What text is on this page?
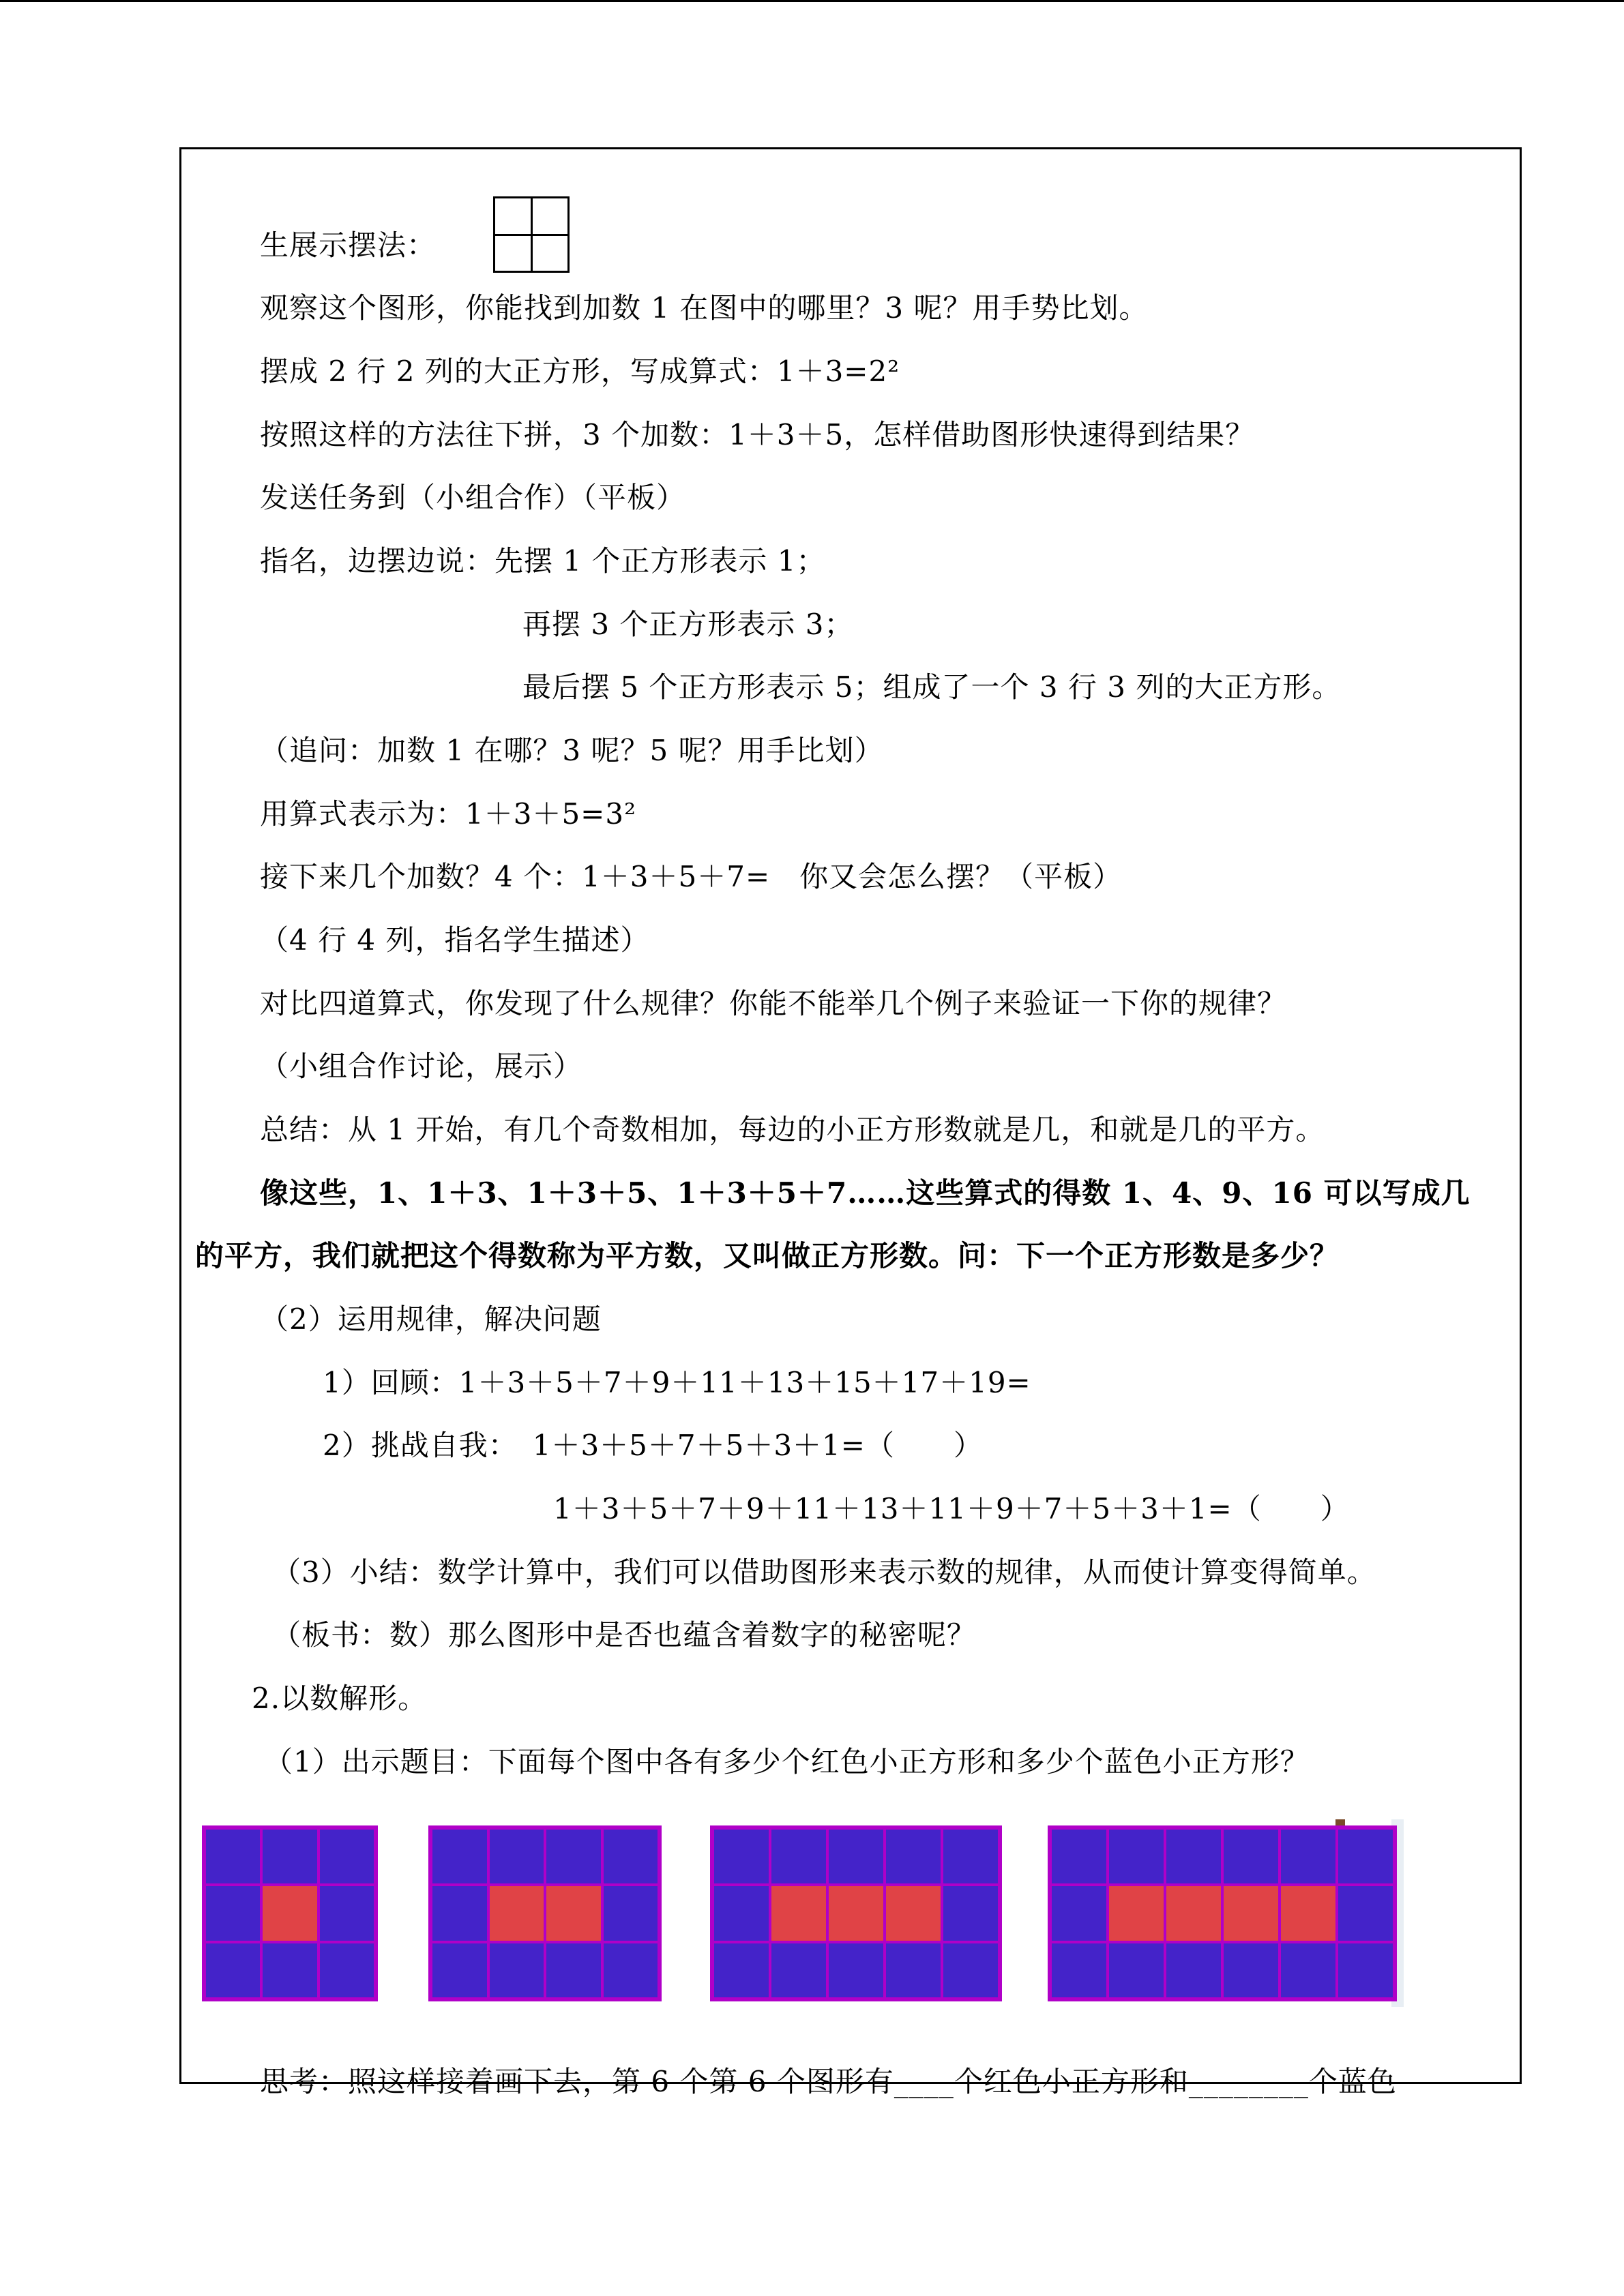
生展示摆法：
观察这个图形，你能找到加数 1 在图中的哪里？3 呢？用手势比划。
摆成 2 行 2 列的大正方形，写成算式：1＋3=2²
按照这样的方法往下拼，3 个加数：1＋3＋5，怎样借助图形快速得到结果？
发送任务到（小组合作）（平板）
指名，边摆边说：先摆 1 个正方形表示 1；
再摆 3 个正方形表示 3；
最后摆 5 个正方形表示 5；组成了一个 3 行 3 列的大正方形。
（追问：加数 1 在哪？3 呢？5 呢？用手比划）
用算式表示为：1＋3＋5=3²
接下来几个加数？4 个：1＋3＋5＋7=　你又会怎么摆？（平板）
（4 行 4 列，指名学生描述）
对比四道算式，你发现了什么规律？你能不能举几个例子来验证一下你的规律？
（小组合作讨论，展示）
总结：从 1 开始，有几个奇数相加，每边的小正方形数就是几，和就是几的平方。
像这些，1、1＋3、1＋3＋5、1＋3＋5＋7……这些算式的得数 1、4、9、16 可以写成几
的平方，我们就把这个得数称为平方数，又叫做正方形数。问：下一个正方形数是多少？
（2）运用规律，解决问题
1）回顾：1＋3＋5＋7＋9＋11＋13＋15＋17＋19=
2）挑战自我：　1＋3＋5＋7＋5＋3＋1=（　　）
1＋3＋5＋7＋9＋11＋13＋11＋9＋7＋5＋3＋1=（　　）
（3）小结：数学计算中，我们可以借助图形来表示数的规律，从而使计算变得简单。
（板书：数）那么图形中是否也蕴含着数字的秘密呢？
2.以数解形。
（1）出示题目：下面每个图中各有多少个红色小正方形和多少个蓝色小正方形？
思考：照这样接着画下去，第 6 个第 6 个图形有____个红色小正方形和________个蓝色
